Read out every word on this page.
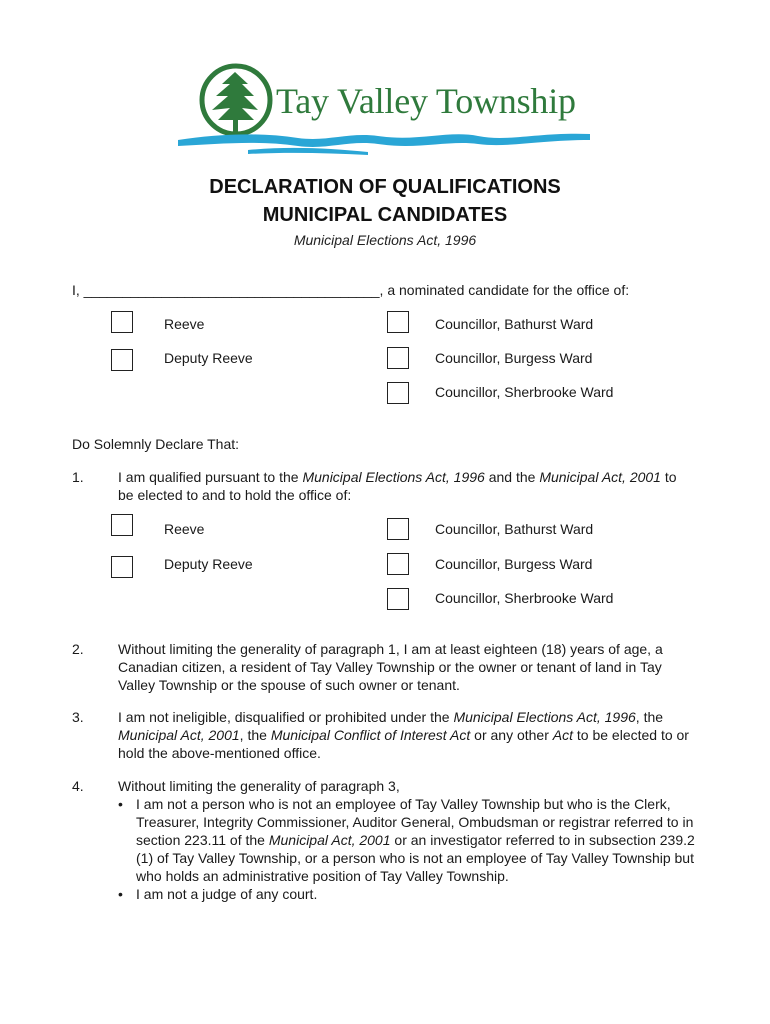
Tay Valley Township
DECLARATION OF QUALIFICATIONS
MUNICIPAL CANDIDATES
Municipal Elections Act, 1996
I, ______________________________________, a nominated candidate for the office of:
Reeve
Deputy Reeve
Councillor, Bathurst Ward
Councillor, Burgess Ward
Councillor, Sherbrooke Ward
Do Solemnly Declare That:
1. I am qualified pursuant to the Municipal Elections Act, 1996 and the Municipal Act, 2001 to
be elected to and to hold the office of:
Reeve
Deputy Reeve
Councillor, Bathurst Ward
Councillor, Burgess Ward
Councillor, Sherbrooke Ward
2. Without limiting the generality of paragraph 1, I am at least eighteen (18) years of age, a Canadian citizen, a resident of Tay Valley Township or the owner or tenant of land in Tay Valley Township or the spouse of such owner or tenant.
3. I am not ineligible, disqualified or prohibited under the Municipal Elections Act, 1996, the Municipal Act, 2001, the Municipal Conflict of Interest Act or any other Act to be elected to or hold the above-mentioned office.
4. Without limiting the generality of paragraph 3,
• I am not a person who is not an employee of Tay Valley Township but who is the Clerk, Treasurer, Integrity Commissioner, Auditor General, Ombudsman or registrar referred to in section 223.11 of the Municipal Act, 2001 or an investigator referred to in subsection 239.2 (1) of Tay Valley Township, or a person who is not an employee of Tay Valley Township but who holds an administrative position of Tay Valley Township.
• I am not a judge of any court.
